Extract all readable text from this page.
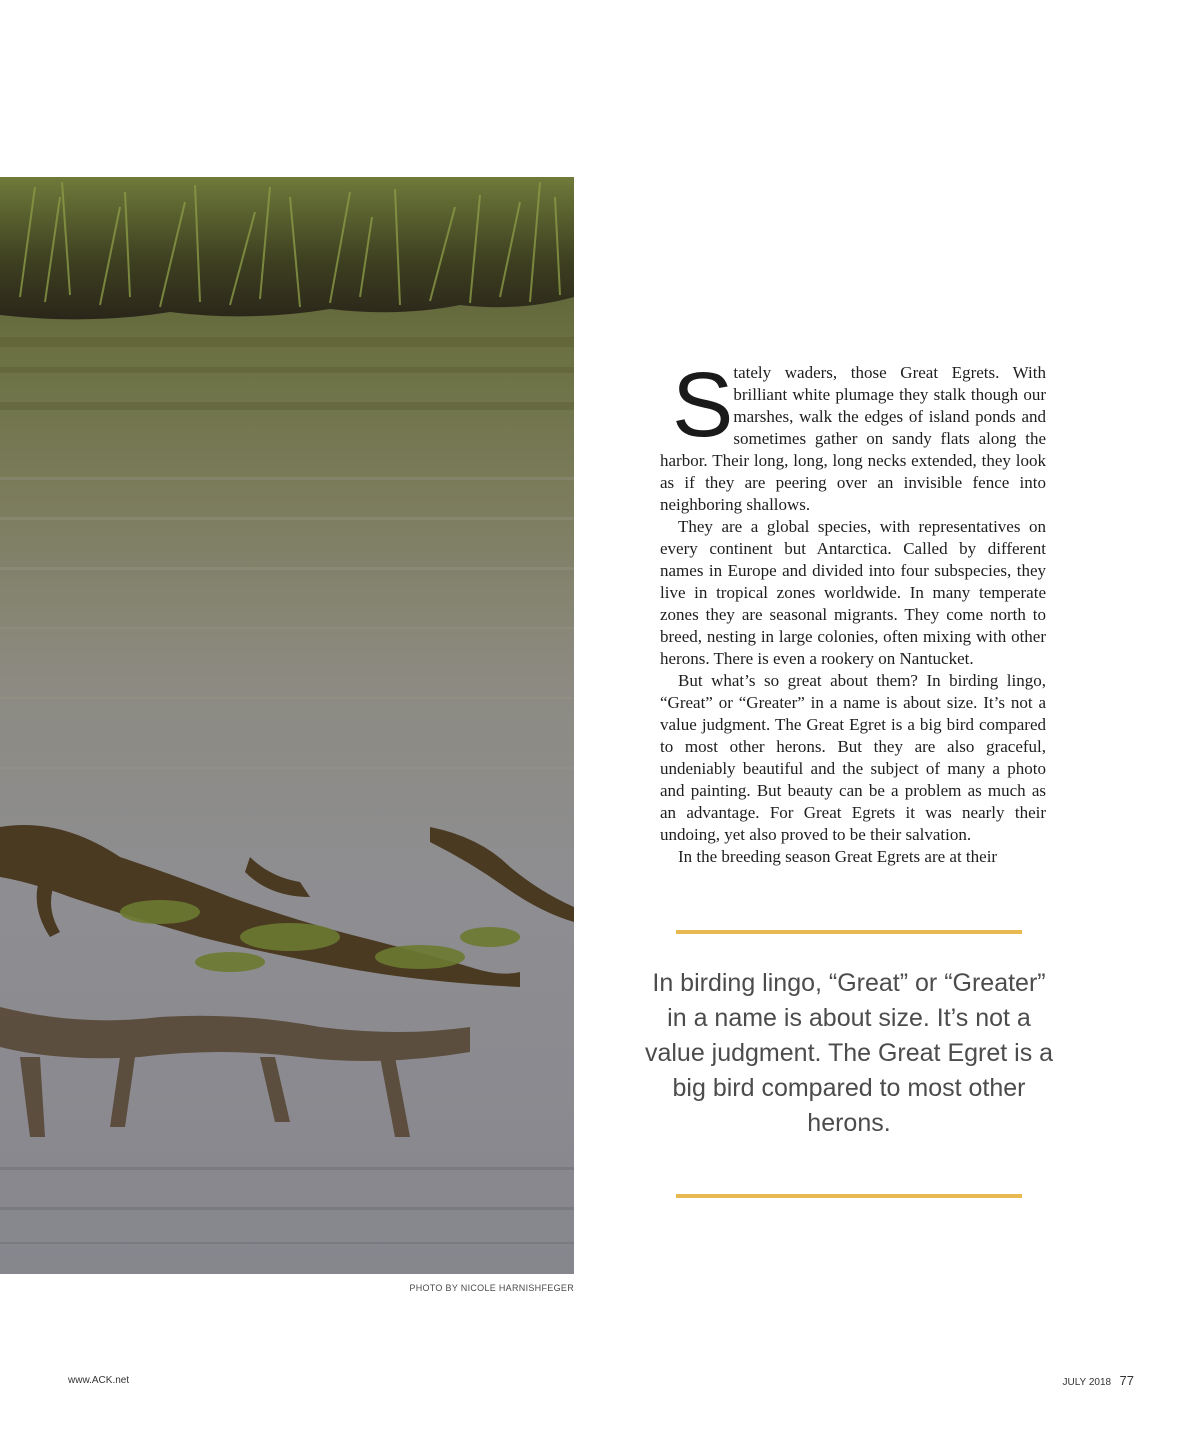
PHOTO BY NICOLE HARNISHFEGER

Stately waders, those Great Egrets. With brilliant white plumage they stalk though our marshes, walk the edges of island ponds and sometimes gather on sandy flats along the harbor. Their long, long, long necks extended, they look as if they are peering over an invisible fence into neighboring shallows.

They are a global species, with representatives on every continent but Antarctica. Called by different names in Europe and divided into four subspecies, they live in tropical zones worldwide. In many temperate zones they are seasonal migrants. They come north to breed, nesting in large colonies, often mixing with other herons. There is even a rookery on Nantucket.

But what’s so great about them? In birding lingo, “Great” or “Greater” in a name is about size. It’s not a value judgment. The Great Egret is a big bird compared to most other herons. But they are also graceful, undeniably beautiful and the subject of many a photo and painting. But beauty can be a problem as much as an advantage. For Great Egrets it was nearly their undoing, yet also proved to be their salvation.

In the breeding season Great Egrets are at their

In birding lingo, “Great” or “Greater” in a name is about size. It’s not a value judgment. The Great Egret is a big bird compared to most other herons.
www.ACK.net	JULY 2018 77
